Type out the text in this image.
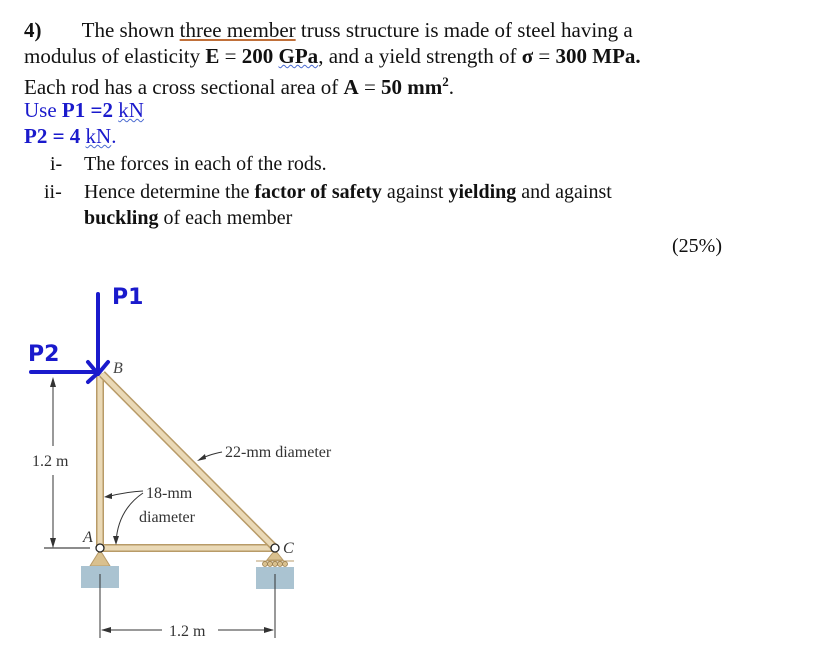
4) The shown three member truss structure is made of steel having a
modulus of elasticity E = 200 GPa, and a yield strength of σ = 300 MPa.
Each rod has a cross sectional area of A = 50 $mm^2$.
Use P1 =2 kN
P2 = 4 kN.
i- The forces in each of the rods.
ii- Hence determine the factor of safety against yielding and against
buckling of each member
(25%)
1.2 m
A
B
C
22-mm diameter
18-mm
diameter
1.2 m
P1
P2
